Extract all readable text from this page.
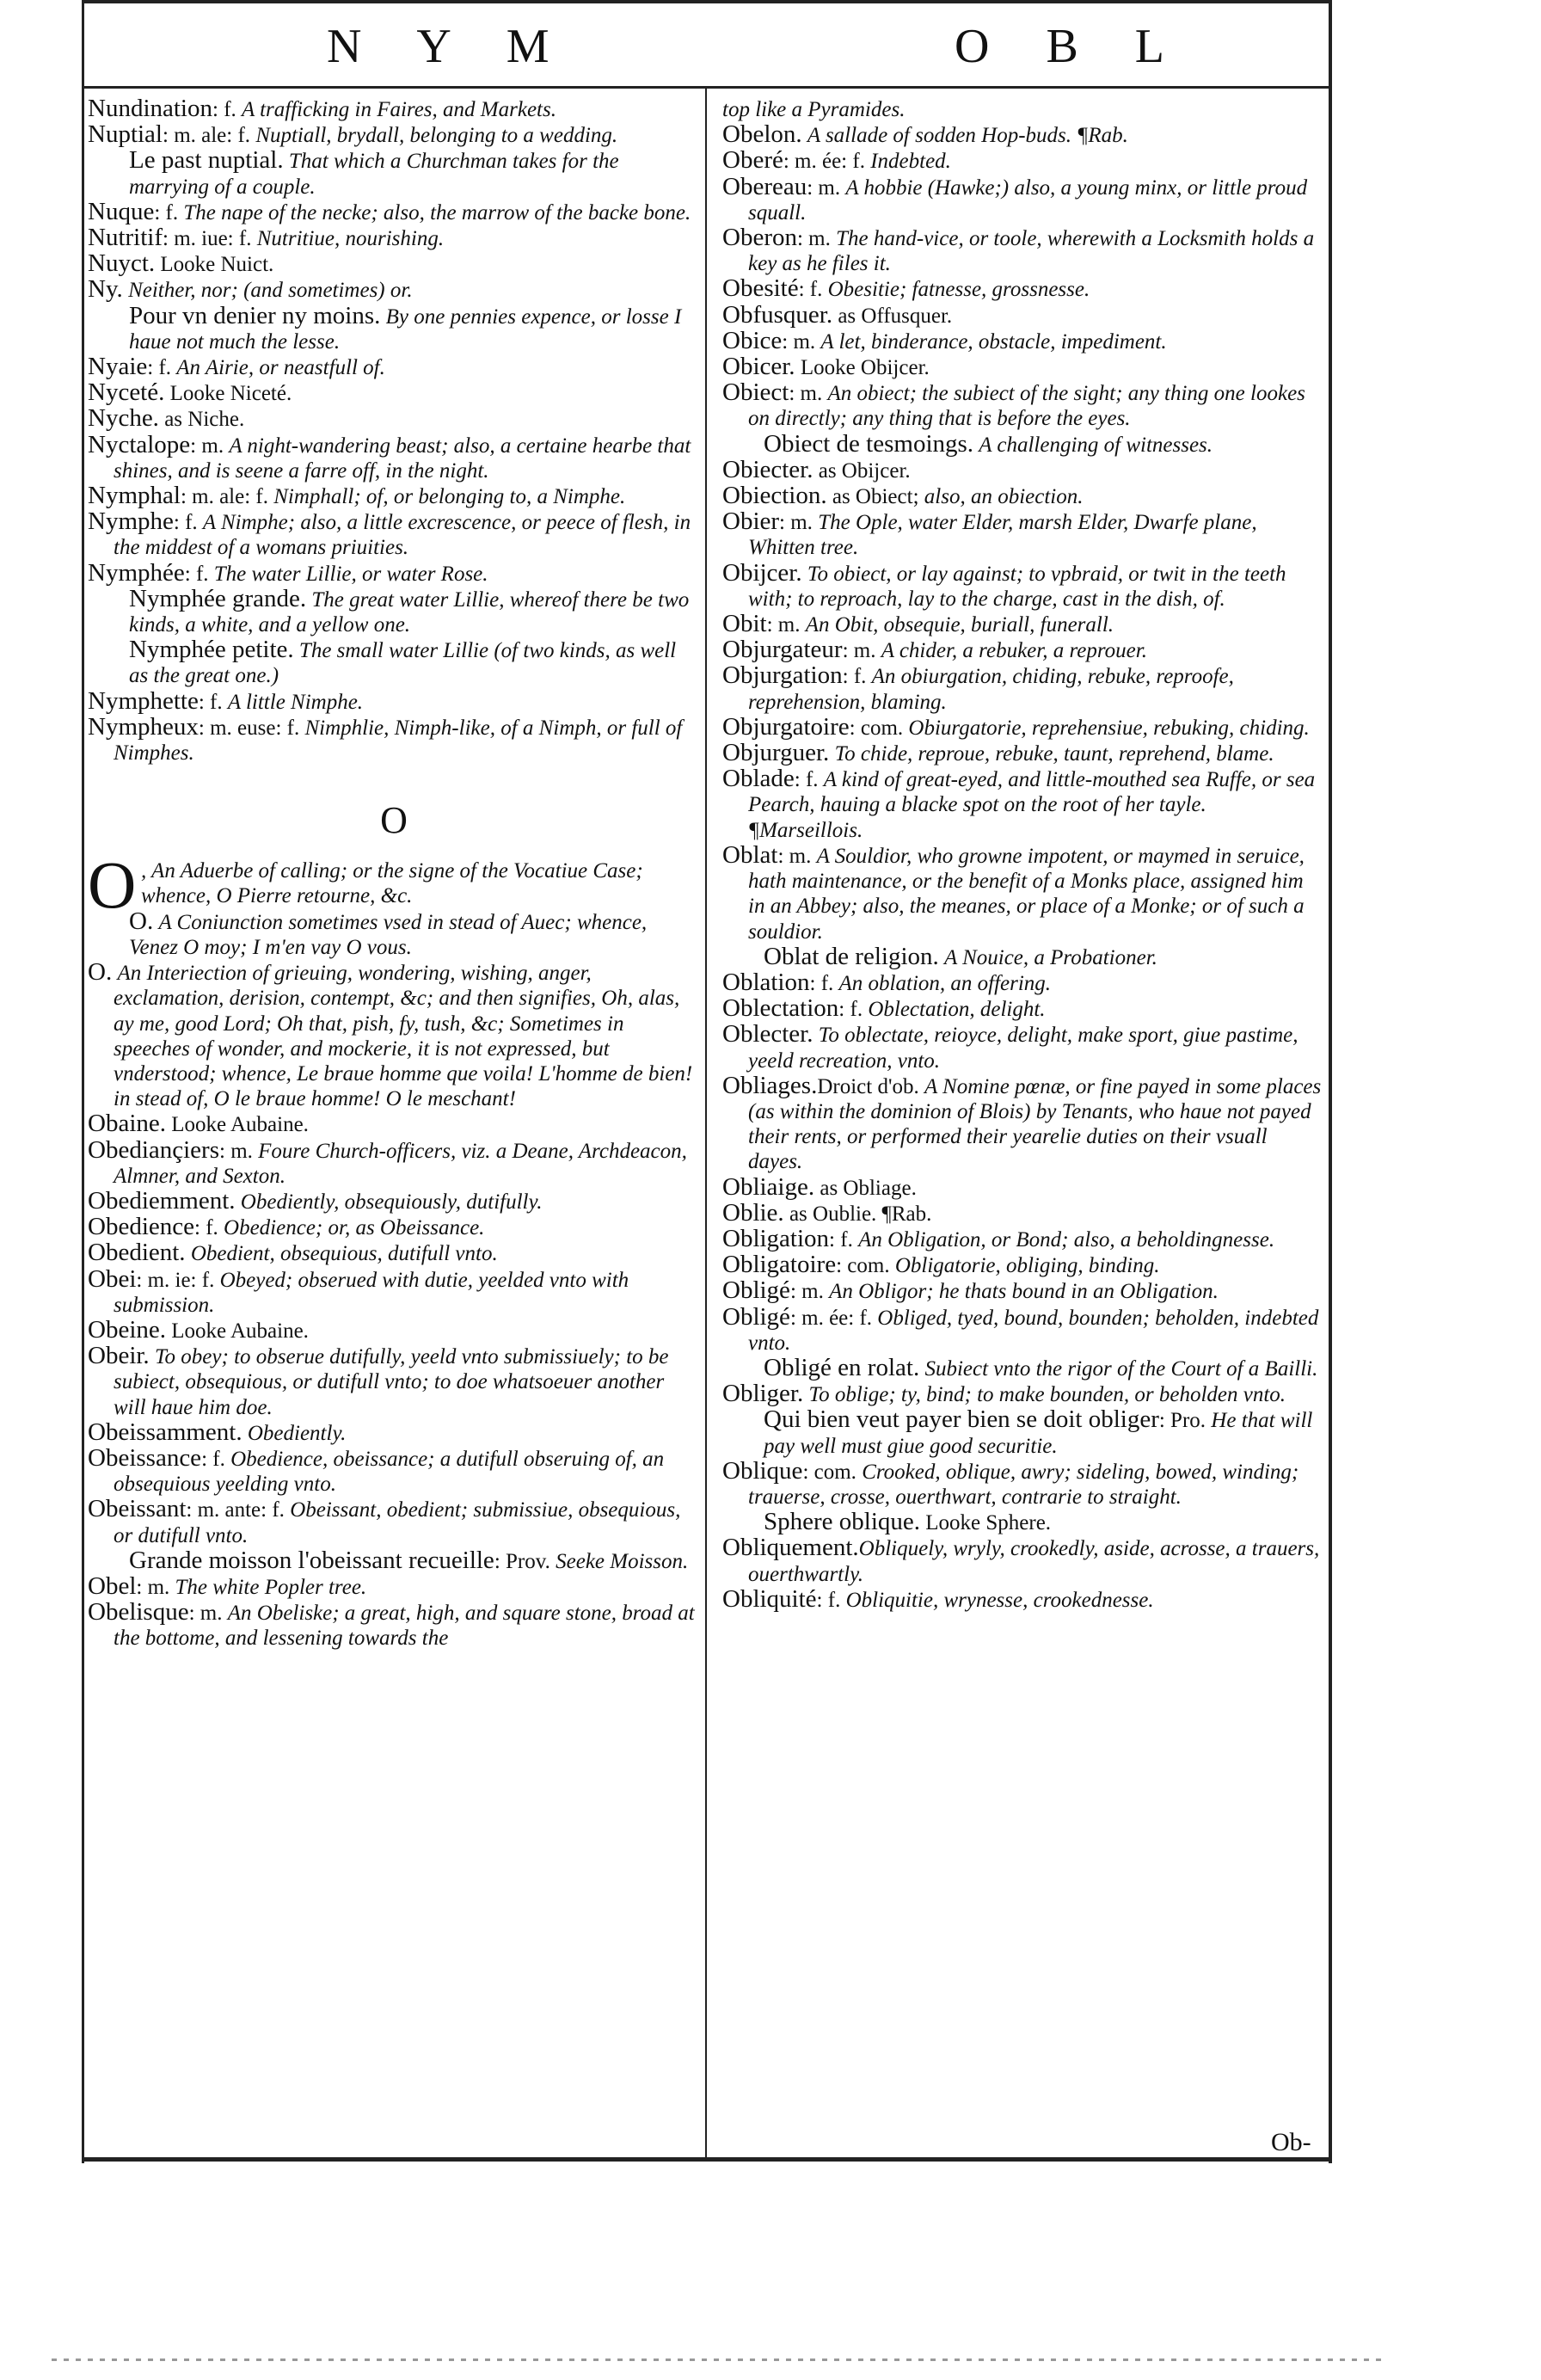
N Y M	O B L

Nundination: f. A trafficking in Faires, and Markets.

Nuptial: m. ale: f. Nuptiall, brydall, belonging to a wedding.

Le past nuptial. That which a Churchman takes for the marrying of a couple.

Nuque: f. The nape of the necke; also, the marrow of the backe bone.

Nutritif: m. iue: f. Nutritiue, nourishing.

Nuyct. Looke Nuict.

Ny. Neither, nor; (and sometimes) or.

Pour vn denier ny moins. By one pennies expence, or losse I haue not much the lesse.

Nyaie: f. An Airie, or neastfull of.

Nyceté. Looke Niceté.

Nyche. as Niche.

Nyctalope: m. A night-wandering beast; also, a certaine hearbe that shines, and is seene a farre off, in the night.

Nymphal: m. ale: f. Nimphall; of, or belonging to, a Nimphe.

Nymphe: f. A Nimphe; also, a little excrescence, or peece of flesh, in the middest of a womans priuities.

Nymphée: f. The water Lillie, or water Rose.

Nymphée grande. The great water Lillie, whereof there be two kinds, a white, and a yellow one.

Nymphée petite. The small water Lillie (of two kinds, as well as the great one.)

Nymphette: f. A little Nimphe.

Nympheux: m. euse: f. Nimphlie, Nimph-like, of a Nimph, or full of Nimphes.

O

O , An Aduerbe of calling; or the signe of the Vocatiue Case; whence, O Pierre retourne, &c.

O. A Coniunction sometimes vsed in stead of Auec; whence, Venez O moy; I m'en vay O vous.

O. An Interiection of grieuing, wondering, wishing, anger, exclamation, derision, contempt, &c; and then signifies, Oh, alas, ay me, good Lord; Oh that, pish, fy, tush, &c; Sometimes in speeches of wonder, and mockerie, it is not expressed, but vnderstood; whence, Le braue homme que voila! L'homme de bien! in stead of, O le braue homme! O le meschant!

Obaine. Looke Aubaine.

Obediançiers: m. Foure Church-officers, viz. a Deane, Archdeacon, Almner, and Sexton.

Obediemment. Obediently, obsequiously, dutifully.

Obedience: f. Obedience; or, as Obeissance.

Obedient. Obedient, obsequious, dutifull vnto.

Obei: m. ie: f. Obeyed; obserued with dutie, yeelded vnto with submission.

Obeine. Looke Aubaine.

Obeir. To obey; to obserue dutifully, yeeld vnto submissiuely; to be subiect, obsequious, or dutifull vnto; to doe whatsoeuer another will haue him doe.

Obeissamment. Obediently.

Obeissance: f. Obedience, obeissance; a dutifull obseruing of, an obsequious yeelding vnto.

Obeissant: m. ante: f. Obeissant, obedient; submissiue, obsequious, or dutifull vnto.

Grande moisson l'obeissant recueille: Prov. Seeke Moisson.

Obel: m. The white Popler tree.

Obelisque: m. An Obeliske; a great, high, and square stone, broad at the bottome, and lessening towards the

top like a Pyramides.

Obelon. A sallade of sodden Hop-buds. ¶Rab.

Oberé: m. ée: f. Indebted.

Obereau: m. A hobbie (Hawke;) also, a young minx, or little proud squall.

Oberon: m. The hand-vice, or toole, wherewith a Locksmith holds a key as he files it.

Obesité: f. Obesitie; fatnesse, grossnesse.

Obfusquer. as Offusquer.

Obice: m. A let, binderance, obstacle, impediment.

Obicer. Looke Obijcer.

Obiect: m. An obiect; the subiect of the sight; any thing one lookes on directly; any thing that is before the eyes.

Obiect de tesmoings. A challenging of witnesses.

Obiecter. as Obijcer.

Obiection. as Obiect; also, an obiection.

Obier: m. The Ople, water Elder, marsh Elder, Dwarfe plane, Whitten tree.

Obijcer. To obiect, or lay against; to vpbraid, or twit in the teeth with; to reproach, lay to the charge, cast in the dish, of.

Obit: m. An Obit, obsequie, buriall, funerall.

Objurgateur: m. A chider, a rebuker, a reprouer.

Objurgation: f. An obiurgation, chiding, rebuke, reproofe, reprehension, blaming.

Objurgatoire: com. Obiurgatorie, reprehensiue, rebuking, chiding.

Objurguer. To chide, reproue, rebuke, taunt, reprehend, blame.

Oblade: f. A kind of great-eyed, and little-mouthed sea Ruffe, or sea Pearch, hauing a blacke spot on the root of her tayle. ¶Marseillois.

Oblat: m. A Souldior, who growne impotent, or maymed in seruice, hath maintenance, or the benefit of a Monks place, assigned him in an Abbey; also, the meanes, or place of a Monke; or of such a souldior.

Oblat de religion. A Nouice, a Probationer.

Oblation: f. An oblation, an offering.

Oblectation: f. Oblectation, delight.

Oblecter. To oblectate, reioyce, delight, make sport, giue pastime, yeeld recreation, vnto.

Obliages.Droict d'ob. A Nomine pœnæ, or fine payed in some places (as within the dominion of Blois) by Tenants, who haue not payed their rents, or performed their yearelie duties on their vsuall dayes.

Obliaige. as Obliage.

Oblie. as Oublie. ¶Rab.

Obligation: f. An Obligation, or Bond; also, a beholdingnesse.

Obligatoire: com. Obligatorie, obliging, binding.

Obligé: m. An Obligor; he thats bound in an Obligation.

Obligé: m. ée: f. Obliged, tyed, bound, bounden; beholden, indebted vnto.

Obligé en rolat. Subiect vnto the rigor of the Court of a Bailli.

Obliger. To oblige; ty, bind; to make bounden, or beholden vnto.

Qui bien veut payer bien se doit obliger: Pro. He that will pay well must giue good securitie.

Oblique: com. Crooked, oblique, awry; sideling, bowed, winding; trauerse, crosse, ouerthwart, contrarie to straight.

Sphere oblique. Looke Sphere.

Obliquement.Obliquely, wryly, crookedly, aside, acrosse, a trauers, ouerthwartly.

Obliquité: f. Obliquitie, wrynesse, crookednesse.

Ob-
